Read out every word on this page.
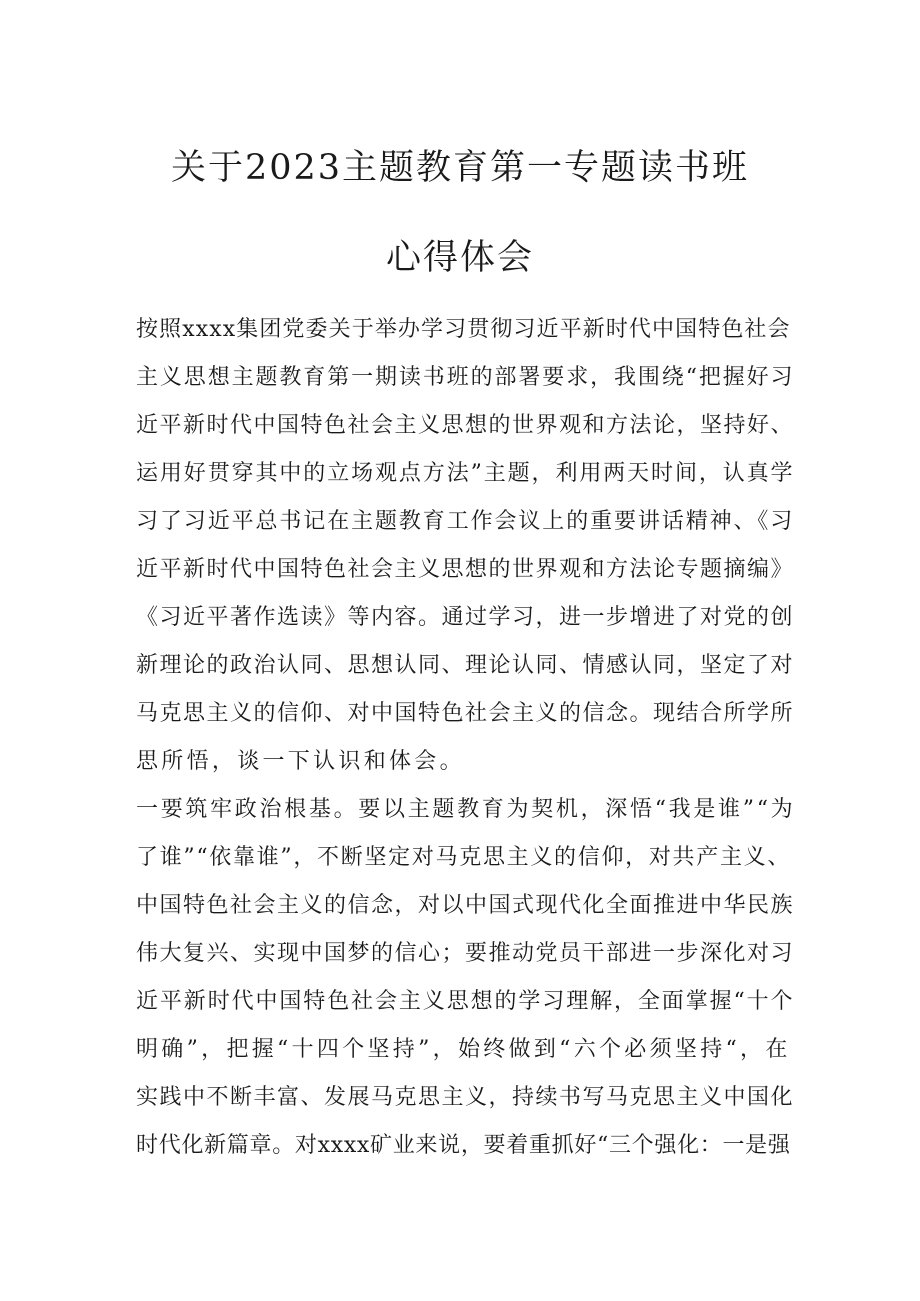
关于2023主题教育第一专题读书班
心得体会
按照xxxx集团党委关于举办学习贯彻习近平新时代中国特色社会
主义思想主题教育第一期读书班的部署要求，我围绕“把握好习
近平新时代中国特色社会主义思想的世界观和方法论，坚持好、
运用好贯穿其中的立场观点方法”主题，利用两天时间，认真学
习了习近平总书记在主题教育工作会议上的重要讲话精神、《习
近平新时代中国特色社会主义思想的世界观和方法论专题摘编》
《习近平著作选读》等内容。通过学习，进一步增进了对党的创
新理论的政治认同、思想认同、理论认同、情感认同，坚定了对
马克思主义的信仰、对中国特色社会主义的信念。现结合所学所
思所悟，谈一下认识和体会。
一要筑牢政治根基。要以主题教育为契机，深悟“我是谁”“为
了谁”“依靠谁”，不断坚定对马克思主义的信仰，对共产主义、
中国特色社会主义的信念，对以中国式现代化全面推进中华民族
伟大复兴、实现中国梦的信心；要推动党员干部进一步深化对习
近平新时代中国特色社会主义思想的学习理解，全面掌握“十个
明确”，把握“十四个坚持”，始终做到“六个必须坚持“，在
实践中不断丰富、发展马克思主义，持续书写马克思主义中国化
时代化新篇章。对xxxx矿业来说，要着重抓好“三个强化：一是强
